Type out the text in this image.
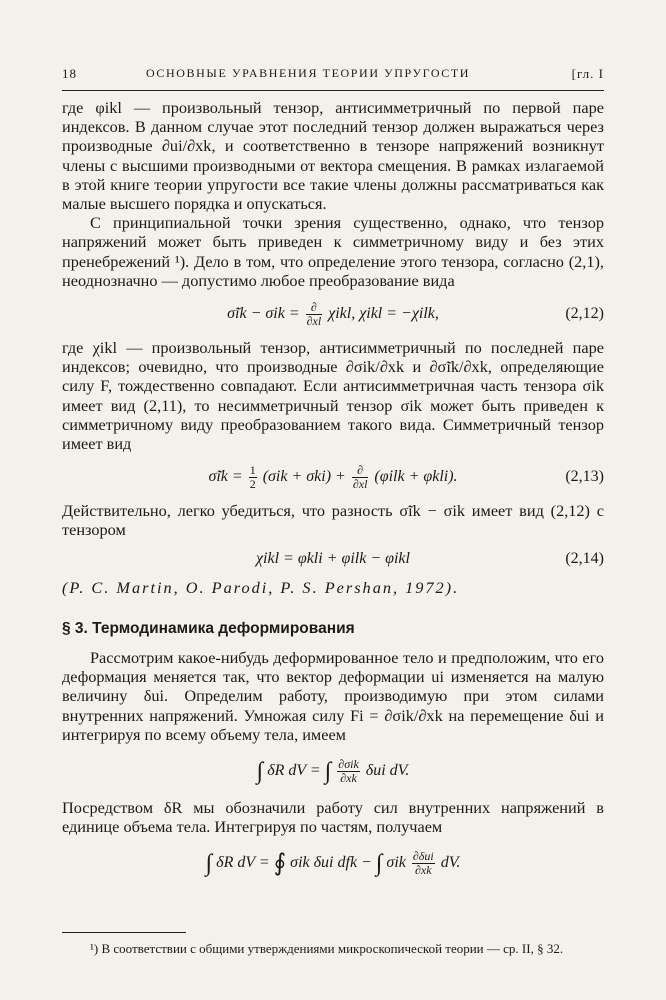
18	ОСНОВНЫЕ УРАВНЕНИЯ ТЕОРИИ УПРУГОСТИ	[гл. I

где φikl — произвольный тензор, антисимметричный по первой паре индексов. В данном случае этот последний тензор должен выражаться через производные ∂ui/∂xk, и соответственно в тензоре напряжений возникнут члены с высшими производными от вектора смещения. В рамках излагаемой в этой книге теории упругости все такие члены должны рассматриваться как малые высшего порядка и опускаться.

С принципиальной точки зрения существенно, однако, что тензор напряжений может быть приведен к симметричному виду и без этих пренебрежений ¹). Дело в том, что определение этого тензора, согласно (2,1), неоднозначно — допустимо любое преобразование вида

σ̃ik − $\sigma ik = \frac{\partial}{\partial xl} \chi ikl$, χikl = −χilk,	(2,12)

где χikl — произвольный тензор, антисимметричный по последней паре индексов; очевидно, что производные ∂σik/∂xk и ∂σ̃ik/∂xk, определяющие силу F, тождественно совпадают. Если антисимметричная часть тензора σik имеет вид (2,11), то несимметричный тензор σik может быть приведен к симметричному виду преобразованием такого вида. Симметричный тензор имеет вид

σ̃ik = $\frac{1}{2} (\sigma ik + \sigma ki) + \frac{\partial}{\partial xl} (\varphi ilk + \varphi kli)$.	(2,13)

Действительно, легко убедиться, что разность σ̃ik − σik имеет вид (2,12) с тензором

χikl = φkli + φilk − φikl	(2,14)

(P. C. Martin, O. Parodi, P. S. Pershan, 1972).

§ 3. Термодинамика деформирования

Рассмотрим какое-нибудь деформированное тело и предположим, что его деформация меняется так, что вектор деформации ui изменяется на малую величину δui. Определим работу, производимую при этом силами внутренних напряжений. Умножая силу Fi = ∂σik/∂xk на перемещение δui и интегрируя по всему объему тела, имеем

∫ δR dV = ∫ $\frac{\text{∂σik}}{\partial xk}$ δui dV.

Посредством δR мы обозначили работу сил внутренних напряжений в единице объема тела. Интегрируя по частям, получаем

∫ δR dV = ∮ σik δui dfk − ∫ σik $\frac{\text{∂δui}}{\partial xk}$ dV.
¹) В соответствии с общими утверждениями микроскопической теории — ср. II, § 32.
